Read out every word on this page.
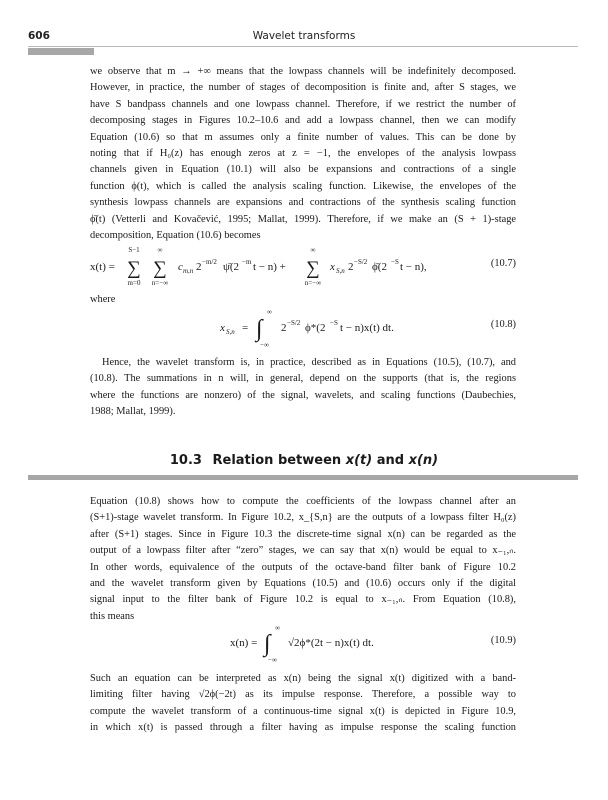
606	Wavelet transforms

we observe that m → +∞ means that the lowpass channels will be indefinitely decomposed.
However, in practice, the number of stages of decomposition is finite and, after S stages, we
have S bandpass channels and one lowpass channel. Therefore, if we restrict the number of
decomposing stages in Figures 10.2–10.6 and add a lowpass channel, then we can modify
Equation (10.6) so that m assumes only a finite number of values. This can be done by
noting that if H₀(z) has enough zeros at z = −1, the envelopes of the analysis lowpass
channels given in Equation (10.1) will also be expansions and contractions of a single
function ϕ(t), which is called the analysis scaling function. Likewise, the envelopes of the
synthesis lowpass channels are expansions and contractions of the synthesis scaling function
ϕ̄(t) (Vetterli and Kovačević, 1995; Mallat, 1999). Therefore, if we make an (S + 1)-stage
decomposition, Equation (10.6) becomes

x(t) =
S−1
∑
m=0
∞
∑
n=−∞
c m,n 2 −m/2 ψ̄(2 −m t − n) +
∞
∑
n=−∞
x S,n 2 −S/2 ϕ̄(2 −S t − n),	(10.7)

where

x S,n = ∫
∞
−∞
2 −S/2 ϕ*(2 −S t − n)x(t) dt.	(10.8)

Hence, the wavelet transform is, in practice, described as in Equations (10.5), (10.7), and
(10.8). The summations in n will, in general, depend on the supports (that is, the regions
where the functions are nonzero) of the signal, wavelets, and scaling functions (Daubechies,
1988; Mallat, 1999).

10.3 Relation between x(t) and x(n)

Equation (10.8) shows how to compute the coefficients of the lowpass channel after an
(S+1)-stage wavelet transform. In Figure 10.2, x_{S,n} are the outputs of a lowpass filter H₀(z)
after (S+1) stages. Since in Figure 10.3 the discrete-time signal x(n) can be regarded as the
output of a lowpass filter after “zero” stages, we can say that x(n) would be equal to x₋₁,ₙ.
In other words, equivalence of the outputs of the octave-band filter bank of Figure 10.2
and the wavelet transform given by Equations (10.5) and (10.6) occurs only if the digital
signal input to the filter bank of Figure 10.2 is equal to x₋₁,ₙ. From Equation (10.8),
this means

x(n) = ∫
∞
−∞
√2ϕ*(2t − n)x(t) dt.	(10.9)

Such an equation can be interpreted as x(n) being the signal x(t) digitized with a band-
limiting filter having √2ϕ(−2t) as its impulse response. Therefore, a possible way to
compute the wavelet transform of a continuous-time signal x(t) is depicted in Figure 10.9,
in which x(t) is passed through a filter having as impulse response the scaling function
